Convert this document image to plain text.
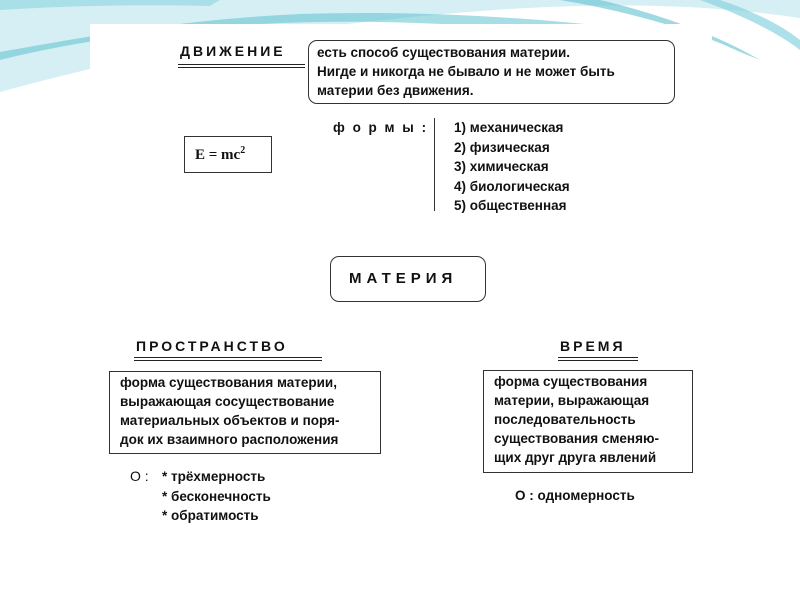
ДВИЖЕНИЕ есть способ существования материи.
Нигде и никогда не бывало и не может быть
материи без движения.
$E = mc^2$
ф о р м ы : 1) механическая
2) физическая
3) химическая
4) биологическая
5) общественная
МАТЕРИЯ
ПРОСТРАНСТВО
форма существования материи,
выражающая сосуществование
материальных объектов и поря-
док их взаимного расположения
О : * трёхмерность
* бесконечность
* обратимость
ВРЕМЯ
форма существования
материи, выражающая
последовательность
существования сменяю-
щих друг друга явлений
О : одномерность
